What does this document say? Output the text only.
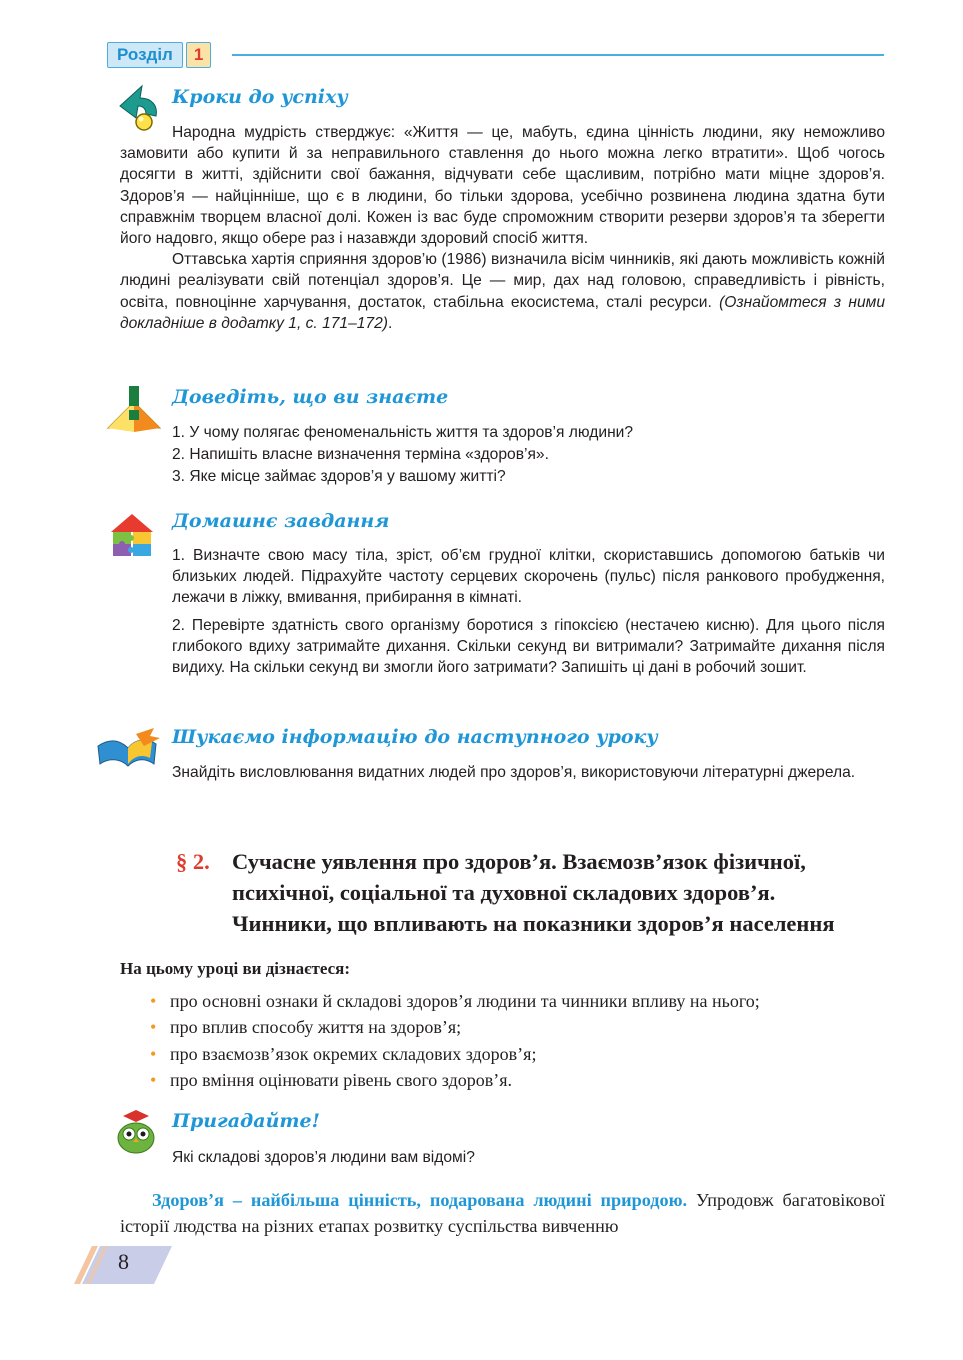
Розділ	1
Кроки до успіху

Народна мудрість стверджує: «Життя — це, мабуть, єдина цінність людини, яку неможливо замовити або купити й за неправильного ставлення до нього можна легко втратити». Щоб чогось досягти в житті, здійснити свої бажання, відчувати себе щасливим, потрібно мати міцне здоров’я. Здоров’я — найцінніше, що є в людини, бо тільки здорова, усебічно розвинена людина здатна бути справжнім творцем власної долі. Кожен із вас буде спроможним створити резерви здоров’я та зберегти його надовго, якщо обере раз і назавжди здоровий спосіб життя.

Оттавська хартія сприяння здоров’ю (1986) визначила вісім чинників, які дають можливість кожній людині реалізувати свій потенціал здоров’я. Це — мир, дах над головою, справедливість і рівність, освіта, повноцінне харчування, достаток, стабільна екосистема, сталі ресурси. (Ознайомтеся з ними докладніше в додатку 1, с. 171–172).

Доведіть, що ви знаєте
1. У чому полягає феноменальність життя та здоров’я людини?
2. Напишіть власне визначення терміна «здоров’я».
3. Яке місце займає здоров’я у вашому житті?
Домашнє завдання

1. Визначте свою масу тіла, зріст, об’єм грудної клітки, скориставшись допомогою батьків чи близьких людей. Підрахуйте частоту серцевих скорочень (пульс) після ранкового пробудження, лежачи в ліжку, вмивання, прибирання в кімнаті.

2. Перевірте здатність свого організму боротися з гіпоксією (нестачею кисню). Для цього після глибокого вдиху затримайте дихання. Скільки секунд ви витримали? Затримайте дихання після видиху. На скільки секунд ви змогли його затримати? Запишіть ці дані в робочий зошит.

Шукаємо інформацію до наступного уроку

Знайдіть висловлювання видатних людей про здоров’я, використовуючи літературні джерела.

§ 2. Сучасне уявлення про здоров’я. Взаємозв’язок фізичної,
психічної, соціальної та духовної складових здоров’я.
Чинники, що впливають на показники здоров’я населення
На цьому уроці ви дізнаєтеся:
• про основні ознаки й складові здоров’я людини та чинники впливу на нього;
• про вплив способу життя на здоров’я;
• про взаємозв’язок окремих складових здоров’я;
• про вміння оцінювати рівень свого здоров’я.
Пригадайте!

Які складові здоров’я людини вам відомі?

Здоров’я – найбільша цінність, подарована людині природою. Упродовж багатовікової історії людства на різних етапах розвитку суспільства вивченню

8
